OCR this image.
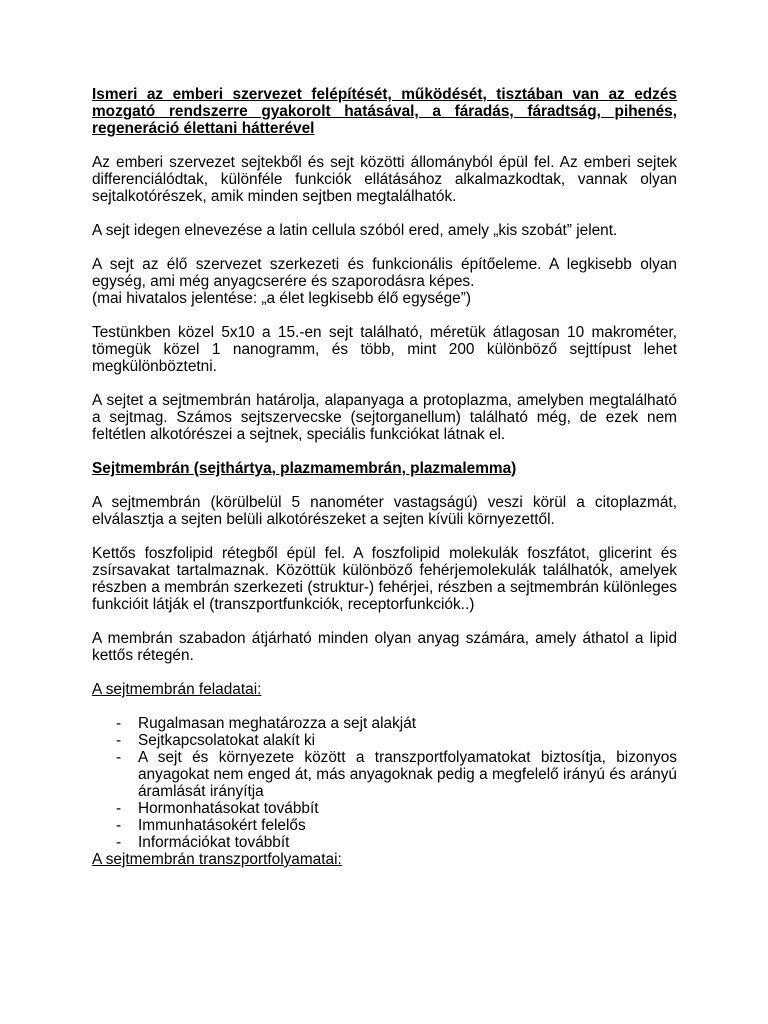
Ismeri az emberi szervezet felépítését, működését, tisztában van az edzés mozgató rendszerre gyakorolt hatásával, a fáradás, fáradtság, pihenés, regeneráció élettani hátterével
Az emberi szervezet sejtekből és sejt közötti állományból épül fel. Az emberi sejtek differenciálódtak, különféle funkciók ellátásához alkalmazkodtak, vannak olyan sejtalkotórészek, amik minden sejtben megtalálhatók.
A sejt idegen elnevezése a latin cellula szóból ered, amely „kis szobát” jelent.
A sejt az élő szervezet szerkezeti és funkcionális építőeleme. A legkisebb olyan egység, ami még anyagcserére és szaporodásra képes.
(mai hivatalos jelentése: „a élet legkisebb élő egysége”)
Testünkben közel 5x10 a 15.-en sejt található, méretük átlagosan 10 makrométer, tömegük közel 1 nanogramm, és több, mint 200 különböző sejttípust lehet megkülönböztetni.
A sejtet a sejtmembrán határolja, alapanyaga a protoplazma, amelyben megtalálható a sejtmag. Számos sejtszervecske (sejtorganellum) található még, de ezek nem feltétlen alkotórészei a sejtnek, speciális funkciókat látnak el.
Sejtmembrán (sejthártya, plazmamembrán, plazmalemma)
A sejtmembrán (körülbelül 5 nanométer vastagságú) veszi körül a citoplazmát, elválasztja a sejten belüli alkotórészeket a sejten kívüli környezettől.
Kettős foszfolipid rétegből épül fel. A foszfolipid molekulák foszfátot, glicerint és zsírsavakat tartalmaznak. Közöttük különböző fehérjemolekulák találhatók, amelyek részben a membrán szerkezeti (struktur-) fehérjei, részben a sejtmembrán különleges funkcióit látják el (transzportfunkciók, receptorfunkciók..)
A membrán szabadon átjárható minden olyan anyag számára, amely áthatol a lipid kettős rétegén.
A sejtmembrán feladatai:
- Rugalmasan meghatározza a sejt alakját
- Sejtkapcsolatokat alakít ki
- A sejt és környezete között a transzportfolyamatokat biztosítja, bizonyos anyagokat nem enged át, más anyagoknak pedig a megfelelő irányú és arányú áramlását irányítja
- Hormonhatásokat továbbít
- Immunhatásokért felelős
- Információkat továbbít
A sejtmembrán transzportfolyamatai:
